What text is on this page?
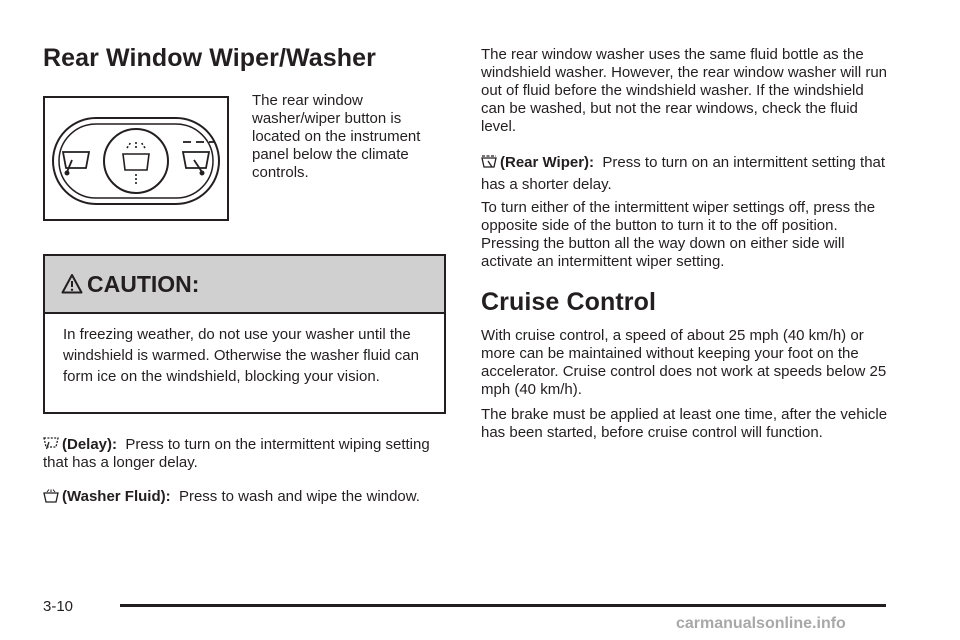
Rear Window Wiper/Washer

The rear window washer/wiper button is located on the instrument panel below the climate controls.

CAUTION:
In freezing weather, do not use your washer until the windshield is warmed. Otherwise the washer fluid can form ice on the windshield, blocking your vision.

(Delay): Press to turn on the intermittent wiping setting that has a longer delay.

(Washer Fluid): Press to wash and wipe the window.

The rear window washer uses the same fluid bottle as the windshield washer. However, the rear window washer will run out of fluid before the windshield washer. If the windshield can be washed, but not the rear windows, check the fluid level.

(Rear Wiper): Press to turn on an intermittent setting that has a shorter delay.

To turn either of the intermittent wiper settings off, press the opposite side of the button to turn it to the off position. Pressing the button all the way down on either side will activate an intermittent wiper setting.

Cruise Control

With cruise control, a speed of about 25 mph (40 km/h) or more can be maintained without keeping your foot on the accelerator. Cruise control does not work at speeds below 25 mph (40 km/h).

The brake must be applied at least one time, after the vehicle has been started, before cruise control will function.

3-10
carmanualsonline.info
